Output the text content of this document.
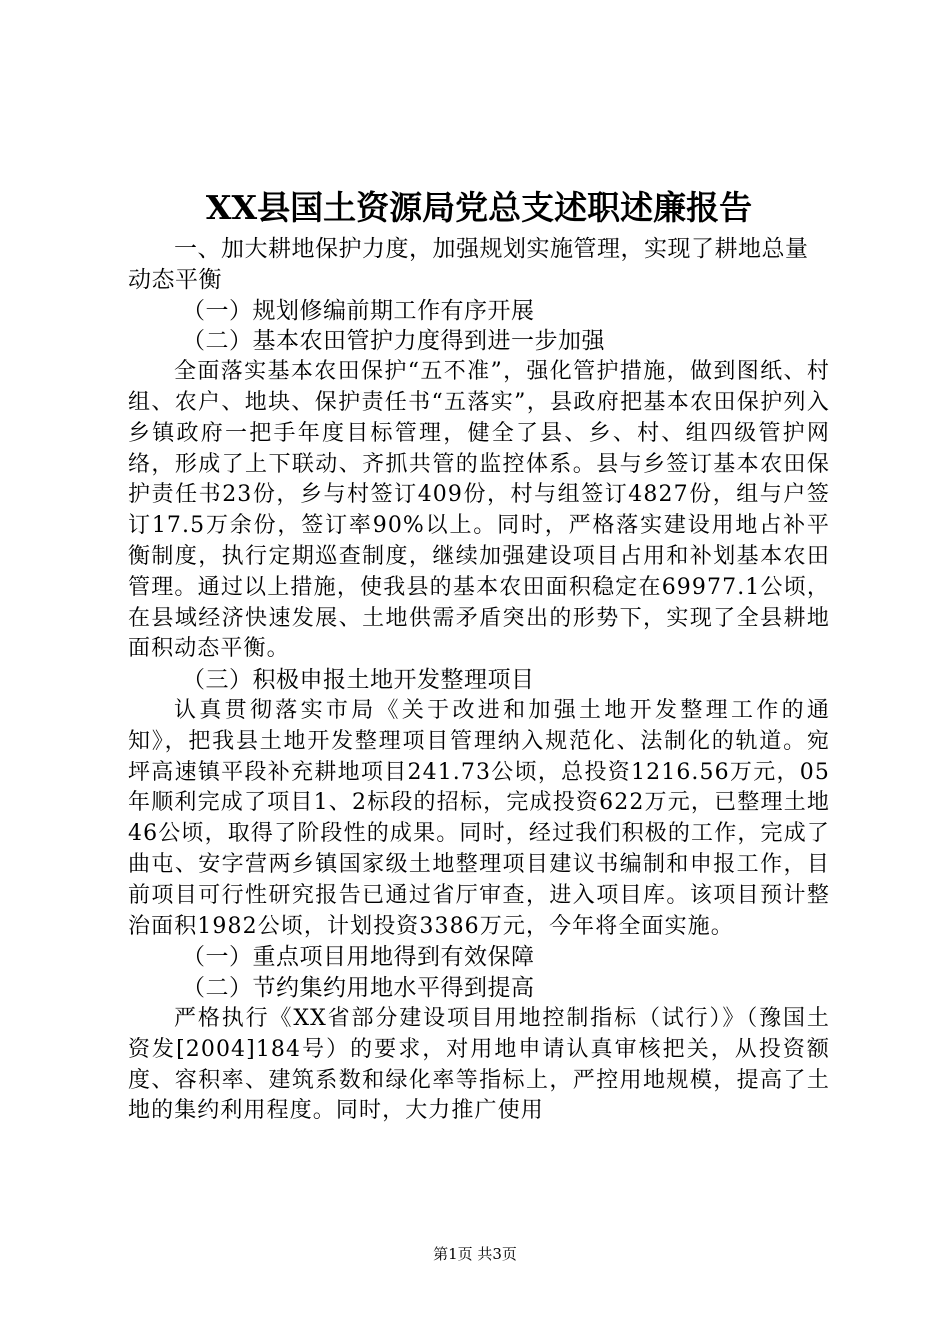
XX县国土资源局党总支述职述廉报告

一、加大耕地保护力度，加强规划实施管理，实现了耕地总量动态平衡

（一）规划修编前期工作有序开展

（二）基本农田管护力度得到进一步加强

全面落实基本农田保护“五不准”，强化管护措施，做到图纸、村组、农户、地块、保护责任书“五落实”，县政府把基本农田保护列入乡镇政府一把手年度目标管理，健全了县、乡、村、组四级管护网络，形成了上下联动、齐抓共管的监控体系。县与乡签订基本农田保护责任书23份，乡与村签订409份，村与组签订4827份，组与户签订17.5万余份，签订率90%以上。同时，严格落实建设用地占补平衡制度，执行定期巡查制度，继续加强建设项目占用和补划基本农田管理。通过以上措施，使我县的基本农田面积稳定在69977.1公顷，在县域经济快速发展、土地供需矛盾突出的形势下，实现了全县耕地面积动态平衡。

（三）积极申报土地开发整理项目

认真贯彻落实市局《关于改进和加强土地开发整理工作的通知》，把我县土地开发整理项目管理纳入规范化、法制化的轨道。宛坪高速镇平段补充耕地项目241.73公顷，总投资1216.56万元，05年顺利完成了项目1、2标段的招标，完成投资622万元，已整理土地46公顷，取得了阶段性的成果。同时，经过我们积极的工作，完成了曲屯、安字营两乡镇国家级土地整理项目建议书编制和申报工作，目前项目可行性研究报告已通过省厅审查，进入项目库。该项目预计整治面积1982公顷，计划投资3386万元，今年将全面实施。

（一）重点项目用地得到有效保障

（二）节约集约用地水平得到提高

严格执行《XX省部分建设项目用地控制指标（试行）》（豫国土资发[2004]184号）的要求，对用地申请认真审核把关，从投资额度、容积率、建筑系数和绿化率等指标上，严控用地规模，提高了土地的集约利用程度。同时，大力推广使用

第1页 共3页
